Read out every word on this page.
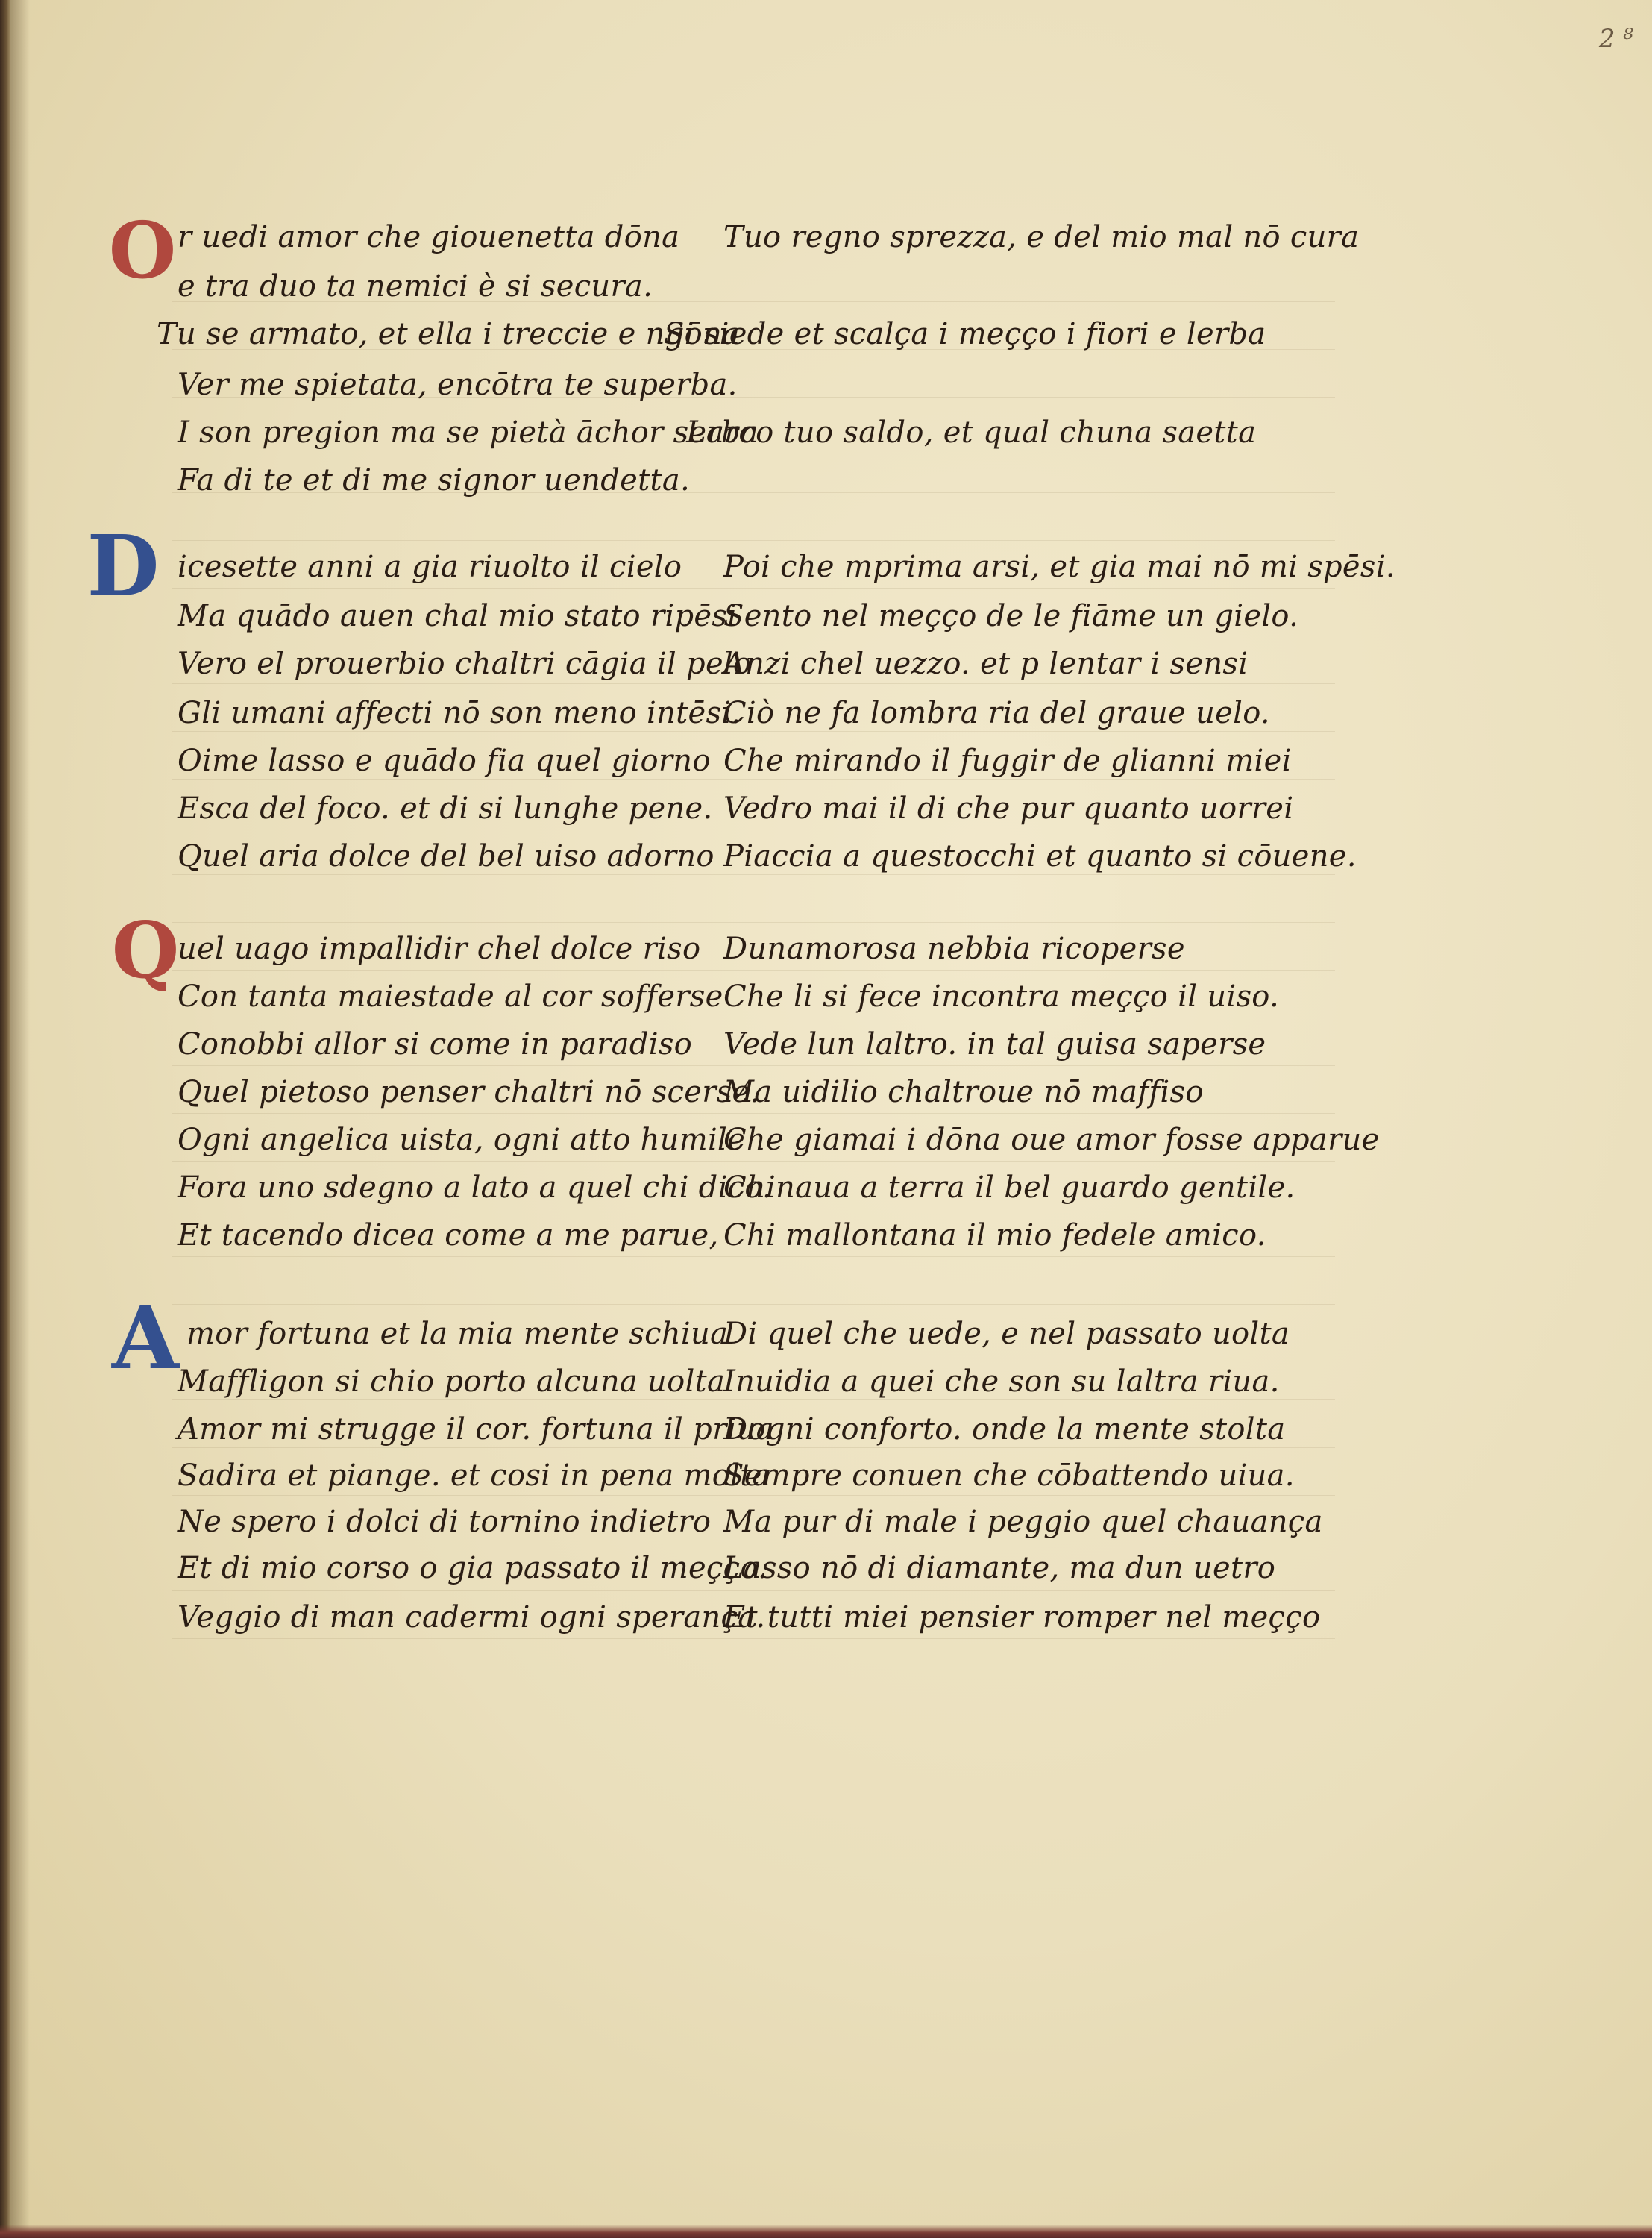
2 ⁸
O r uedi amor che giouenetta dōna Tuo regno sprezza, e del mio mal nō cura
e tra duo ta nemici è si secura.
Tu se armato, et ella i treccie e ngōna
Si siede et scalça i meçço i fiori e lerba
Ver me spietata, encōtra te superba.
I son pregion ma se pietà āchor serba
Larco tuo saldo, et qual chuna saetta
Fa di te et di me signor uendetta.
D icesette anni a gia riuolto il cielo Poi che mprima arsi, et gia mai nō mi spēsi.
Ma quādo auen chal mio stato ripēsi
Sento nel meçço de le fiāme un gielo.
Vero el prouerbio chaltri cāgia il pelo
Anzi chel uezzo. et p lentar i sensi
Gli umani affecti nō son meno intēsi.
Ciò ne fa lombra ria del graue uelo.
Oime lasso e quādo fia quel giorno Che mirando il fuggir de glianni miei
Esca del foco. et di si lunghe pene. Vedro mai il di che pur quanto uorrei
Quel aria dolce del bel uiso adorno Piaccia a questocchi et quanto si cōuene.
Q
uel uago impallidir chel dolce riso Dunamorosa nebbia ricoperse
Con tanta maiestade al cor sofferse Che li si fece incontra meçço il uiso.
Conobbi allor si come in paradiso Vede lun laltro. in tal guisa saperse
Quel pietoso penser chaltri nō scerse.
Ma uidilio chaltroue nō maffiso
Ogni angelica uista, ogni atto humile
Che giamai i dōna oue amor fosse apparue
Fora uno sdegno a lato a quel chi dico.
Chinaua a terra il bel guardo gentile.
Et tacendo dicea come a me parue, Chi mallontana il mio fedele amico.
A mor fortuna et la mia mente schiua
Di quel che uede, e nel passato uolta
Maffligon si chio porto alcuna uolta
Inuidia a quei che son su laltra riua.
Amor mi strugge il cor. fortuna il priua
Dogni conforto. onde la mente stolta
Sadira et piange. et cosi in pena molta
Sempre conuen che cōbattendo uiua.
Ne spero i dolci di tornino indietro Ma pur di male i peggio quel chauança
Et di mio corso o gia passato il meçço.
Lasso nō di diamante, ma dun uetro
Veggio di man cadermi ogni sperança.
Et tutti miei pensier romper nel meçço
